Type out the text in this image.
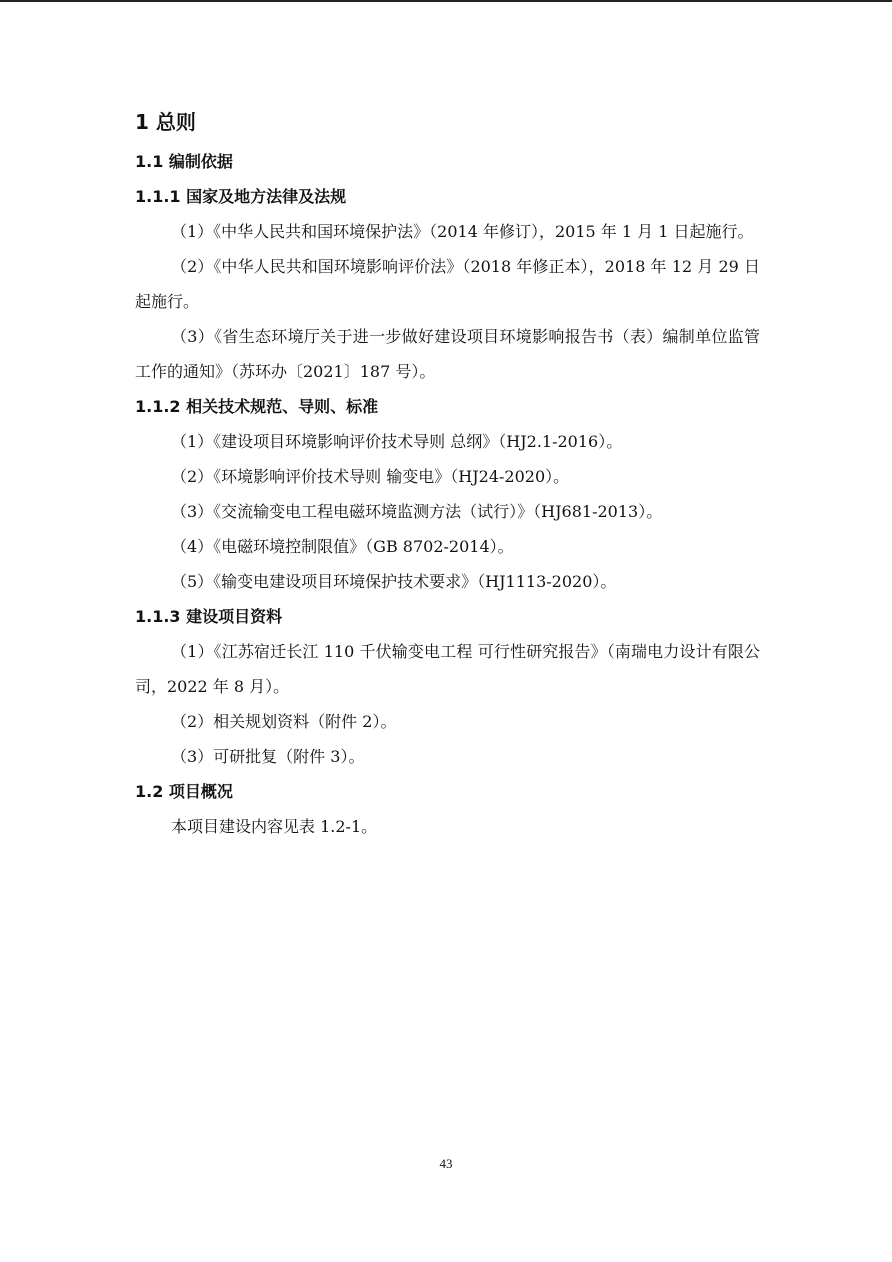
1 总则
1.1 编制依据
1.1.1 国家及地方法律及法规

（1）《中华人民共和国环境保护法》（2014 年修订），2015 年 1 月 1 日起施行。

（2）《中华人民共和国环境影响评价法》（2018 年修正本），2018 年 12 月 29 日起施行。

（3）《省生态环境厅关于进一步做好建设项目环境影响报告书（表）编制单位监管工作的通知》（苏环办〔2021〕187 号）。

1.1.2 相关技术规范、导则、标准

（1）《建设项目环境影响评价技术导则 总纲》（HJ2.1-2016）。

（2）《环境影响评价技术导则 输变电》（HJ24-2020）。

（3）《交流输变电工程电磁环境监测方法（试行）》（HJ681-2013）。

（4）《电磁环境控制限值》（GB 8702-2014）。

（5）《输变电建设项目环境保护技术要求》（HJ1113-2020）。

1.1.3 建设项目资料

（1）《江苏宿迁长江 110 千伏输变电工程 可行性研究报告》（南瑞电力设计有限公司，2022 年 8 月）。

（2）相关规划资料（附件 2）。

（3）可研批复（附件 3）。

1.2 项目概况

本项目建设内容见表 1.2-1。

43
